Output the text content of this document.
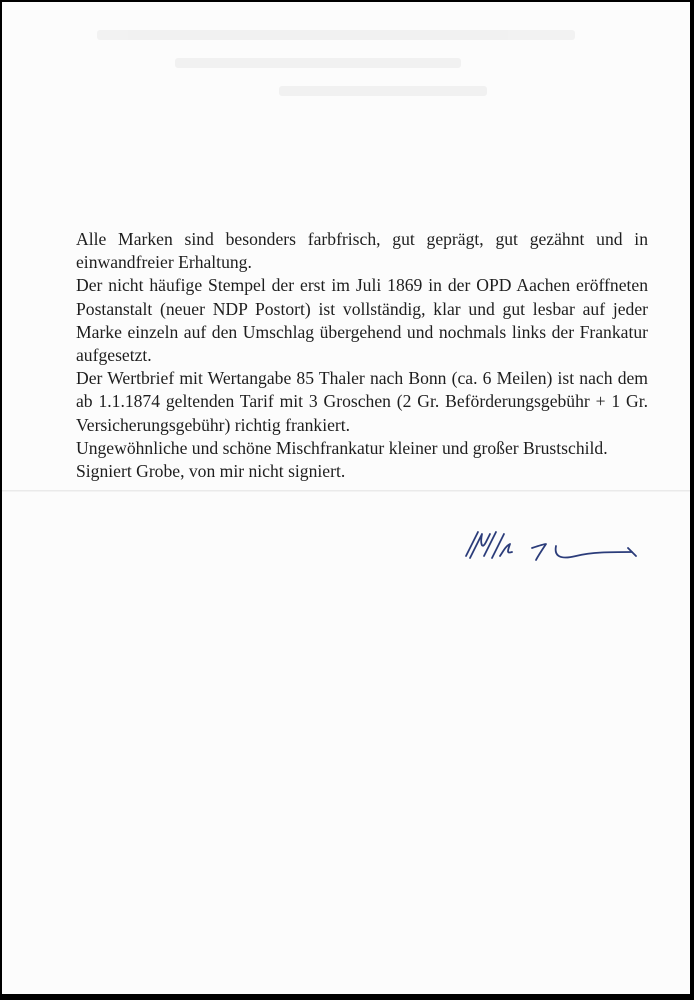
Alle Marken sind besonders farbfrisch, gut geprägt, gut gezähnt und in einwandfreier Erhaltung.

Der nicht häufige Stempel der erst im Juli 1869 in der OPD Aachen eröffneten Postanstalt (neuer NDP Postort) ist vollständig, klar und gut lesbar auf jeder Marke einzeln auf den Umschlag übergehend und nochmals links der Frankatur aufgesetzt.

Der Wertbrief mit Wertangabe 85 Thaler nach Bonn (ca. 6 Meilen) ist nach dem ab 1.1.1874 geltenden Tarif mit 3 Groschen (2 Gr. Beförderungsgebühr + 1 Gr. Versicherungsgebühr) richtig frankiert.

Ungewöhnliche und schöne Mischfrankatur kleiner und großer Brustschild.

Signiert Grobe, von mir nicht signiert.
